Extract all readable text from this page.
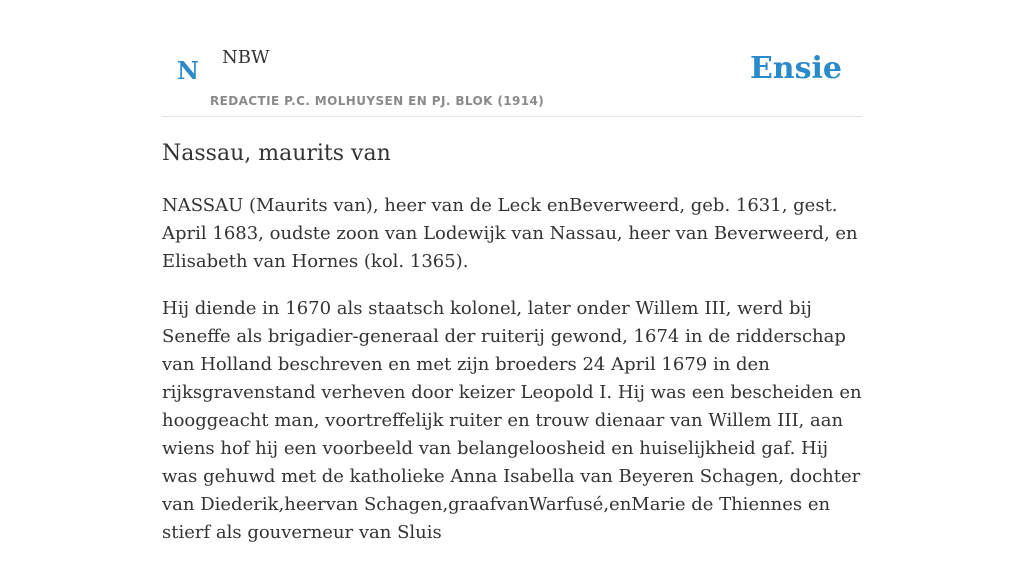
N NBW
REDACTIE P.C. MOLHUYSEN EN PJ. BLOK (1914)
Ensie
Nassau, maurits van

NASSAU (Maurits van), heer van de Leck enBeverweerd, geb. 1631, gest. April 1683, oudste zoon van Lodewijk van Nassau, heer van Beverweerd, en Elisabeth van Hornes (kol. 1365).

Hij diende in 1670 als staatsch kolonel, later onder Willem III, werd bij Seneffe als brigadier-generaal der ruiterij gewond, 1674 in de ridderschap van Holland beschreven en met zijn broeders 24 April 1679 in den rijksgravenstand verheven door keizer Leopold I. Hij was een bescheiden en hooggeacht man, voortreffelijk ruiter en trouw dienaar van Willem III, aan wiens hof hij een voorbeeld van belangeloosheid en huiselijkheid gaf. Hij was gehuwd met de katholieke Anna Isabella van Beyeren Schagen, dochter van Diederik,heervan Schagen,graafvanWarfusé,enMarie de Thiennes en stierf als gouverneur van Sluis
